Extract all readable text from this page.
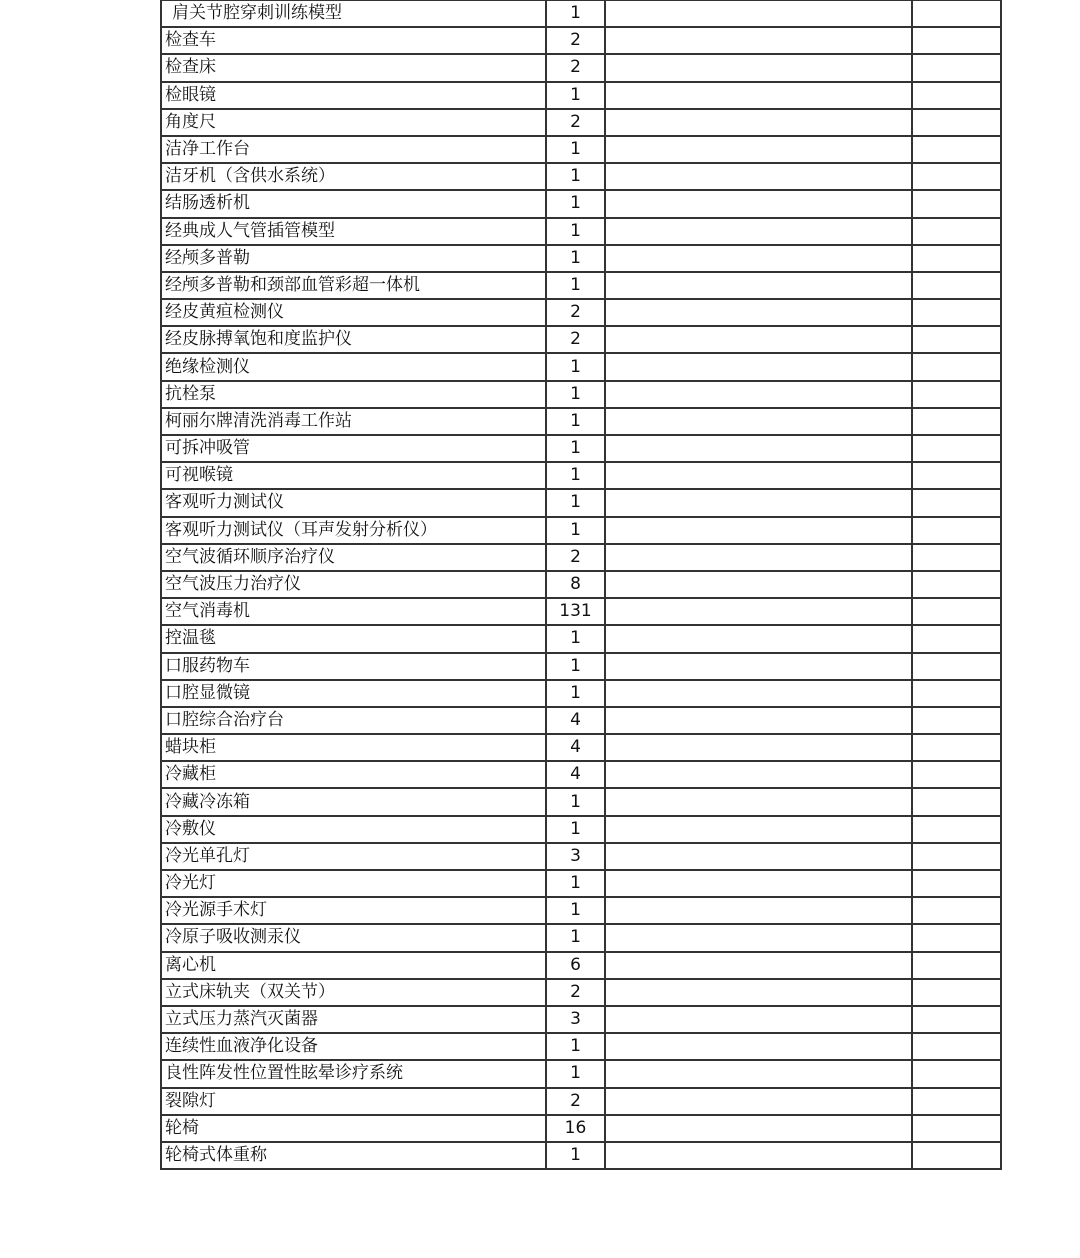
肩关节腔穿刺训练模型	1		
检查车	2		
检查床	2		
检眼镜	1		
角度尺	2		
洁净工作台	1		
洁牙机（含供水系统）	1		
结肠透析机	1		
经典成人气管插管模型	1		
经颅多普勒	1		
经颅多普勒和颈部血管彩超一体机	1		
经皮黄疸检测仪	2		
经皮脉搏氧饱和度监护仪	2		
绝缘检测仪	1		
抗栓泵	1		
柯丽尔牌清洗消毒工作站	1		
可拆冲吸管	1		
可视喉镜	1		
客观听力测试仪	1		
客观听力测试仪（耳声发射分析仪）	1		
空气波循环顺序治疗仪	2		
空气波压力治疗仪	8		
空气消毒机	131		
控温毯	1		
口服药物车	1		
口腔显微镜	1		
口腔综合治疗台	4		
蜡块柜	4		
冷藏柜	4		
冷藏冷冻箱	1		
冷敷仪	1		
冷光单孔灯	3		
冷光灯	1		
冷光源手术灯	1		
冷原子吸收测汞仪	1		
离心机	6		
立式床轨夹（双关节）	2		
立式压力蒸汽灭菌器	3		
连续性血液净化设备	1		
良性阵发性位置性眩晕诊疗系统	1		
裂隙灯	2		
轮椅	16		
轮椅式体重称	1		
